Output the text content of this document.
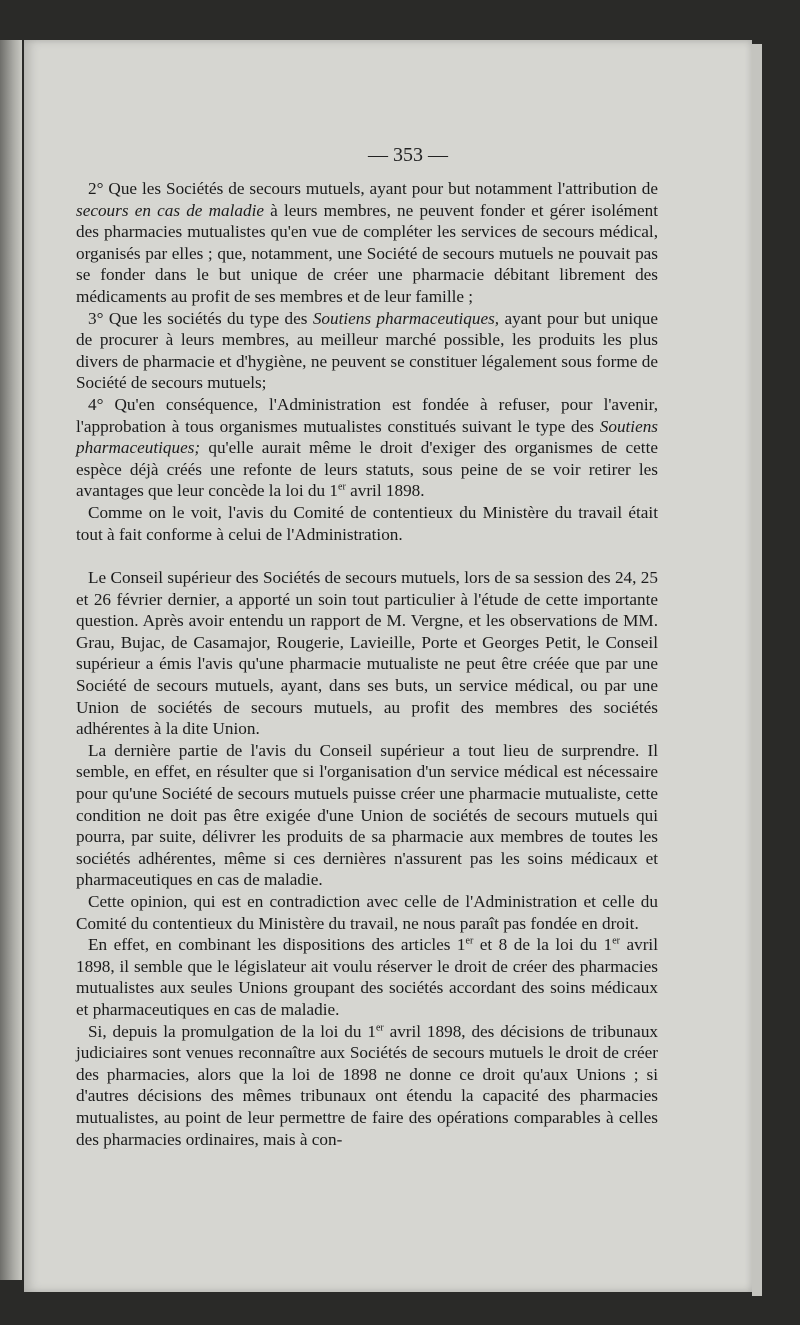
— 353 —

2° Que les Sociétés de secours mutuels, ayant pour but notamment l'attribution de secours en cas de maladie à leurs membres, ne peuvent fonder et gérer isolément des pharmacies mutualistes qu'en vue de compléter les services de secours médical, organisés par elles ; que, notamment, une Société de secours mutuels ne pouvait pas se fonder dans le but unique de créer une pharmacie débitant librement des médicaments au profit de ses membres et de leur famille ;

3° Que les sociétés du type des Soutiens pharmaceutiques, ayant pour but unique de procurer à leurs membres, au meilleur marché possible, les produits les plus divers de pharmacie et d'hygiène, ne peuvent se constituer légalement sous forme de Société de secours mutuels;

4° Qu'en conséquence, l'Administration est fondée à refuser, pour l'avenir, l'approbation à tous organismes mutualistes constitués suivant le type des Soutiens pharmaceutiques; qu'elle aurait même le droit d'exiger des organismes de cette espèce déjà créés une refonte de leurs statuts, sous peine de se voir retirer les avantages que leur concède la loi du 1er avril 1898.

Comme on le voit, l'avis du Comité de contentieux du Ministère du travail était tout à fait conforme à celui de l'Administration.

Le Conseil supérieur des Sociétés de secours mutuels, lors de sa session des 24, 25 et 26 février dernier, a apporté un soin tout particulier à l'étude de cette importante question. Après avoir entendu un rapport de M. Vergne, et les observations de MM. Grau, Bujac, de Casamajor, Rougerie, Lavieille, Porte et Georges Petit, le Conseil supérieur a émis l'avis qu'une pharmacie mutualiste ne peut être créée que par une Société de secours mutuels, ayant, dans ses buts, un service médical, ou par une Union de sociétés de secours mutuels, au profit des membres des sociétés adhérentes à la dite Union.

La dernière partie de l'avis du Conseil supérieur a tout lieu de surprendre. Il semble, en effet, en résulter que si l'organisation d'un service médical est nécessaire pour qu'une Société de secours mutuels puisse créer une pharmacie mutualiste, cette condition ne doit pas être exigée d'une Union de sociétés de secours mutuels qui pourra, par suite, délivrer les produits de sa pharmacie aux membres de toutes les sociétés adhérentes, même si ces dernières n'assurent pas les soins médicaux et pharmaceutiques en cas de maladie.

Cette opinion, qui est en contradiction avec celle de l'Administration et celle du Comité du contentieux du Ministère du travail, ne nous paraît pas fondée en droit.

En effet, en combinant les dispositions des articles 1er et 8 de la loi du 1er avril 1898, il semble que le législateur ait voulu réserver le droit de créer des pharmacies mutualistes aux seules Unions groupant des sociétés accordant des soins médicaux et pharmaceutiques en cas de maladie.

Si, depuis la promulgation de la loi du 1er avril 1898, des décisions de tribunaux judiciaires sont venues reconnaître aux Sociétés de secours mutuels le droit de créer des pharmacies, alors que la loi de 1898 ne donne ce droit qu'aux Unions ; si d'autres décisions des mêmes tribunaux ont étendu la capacité des pharmacies mutualistes, au point de leur permettre de faire des opérations comparables à celles des pharmacies ordinaires, mais à con-
